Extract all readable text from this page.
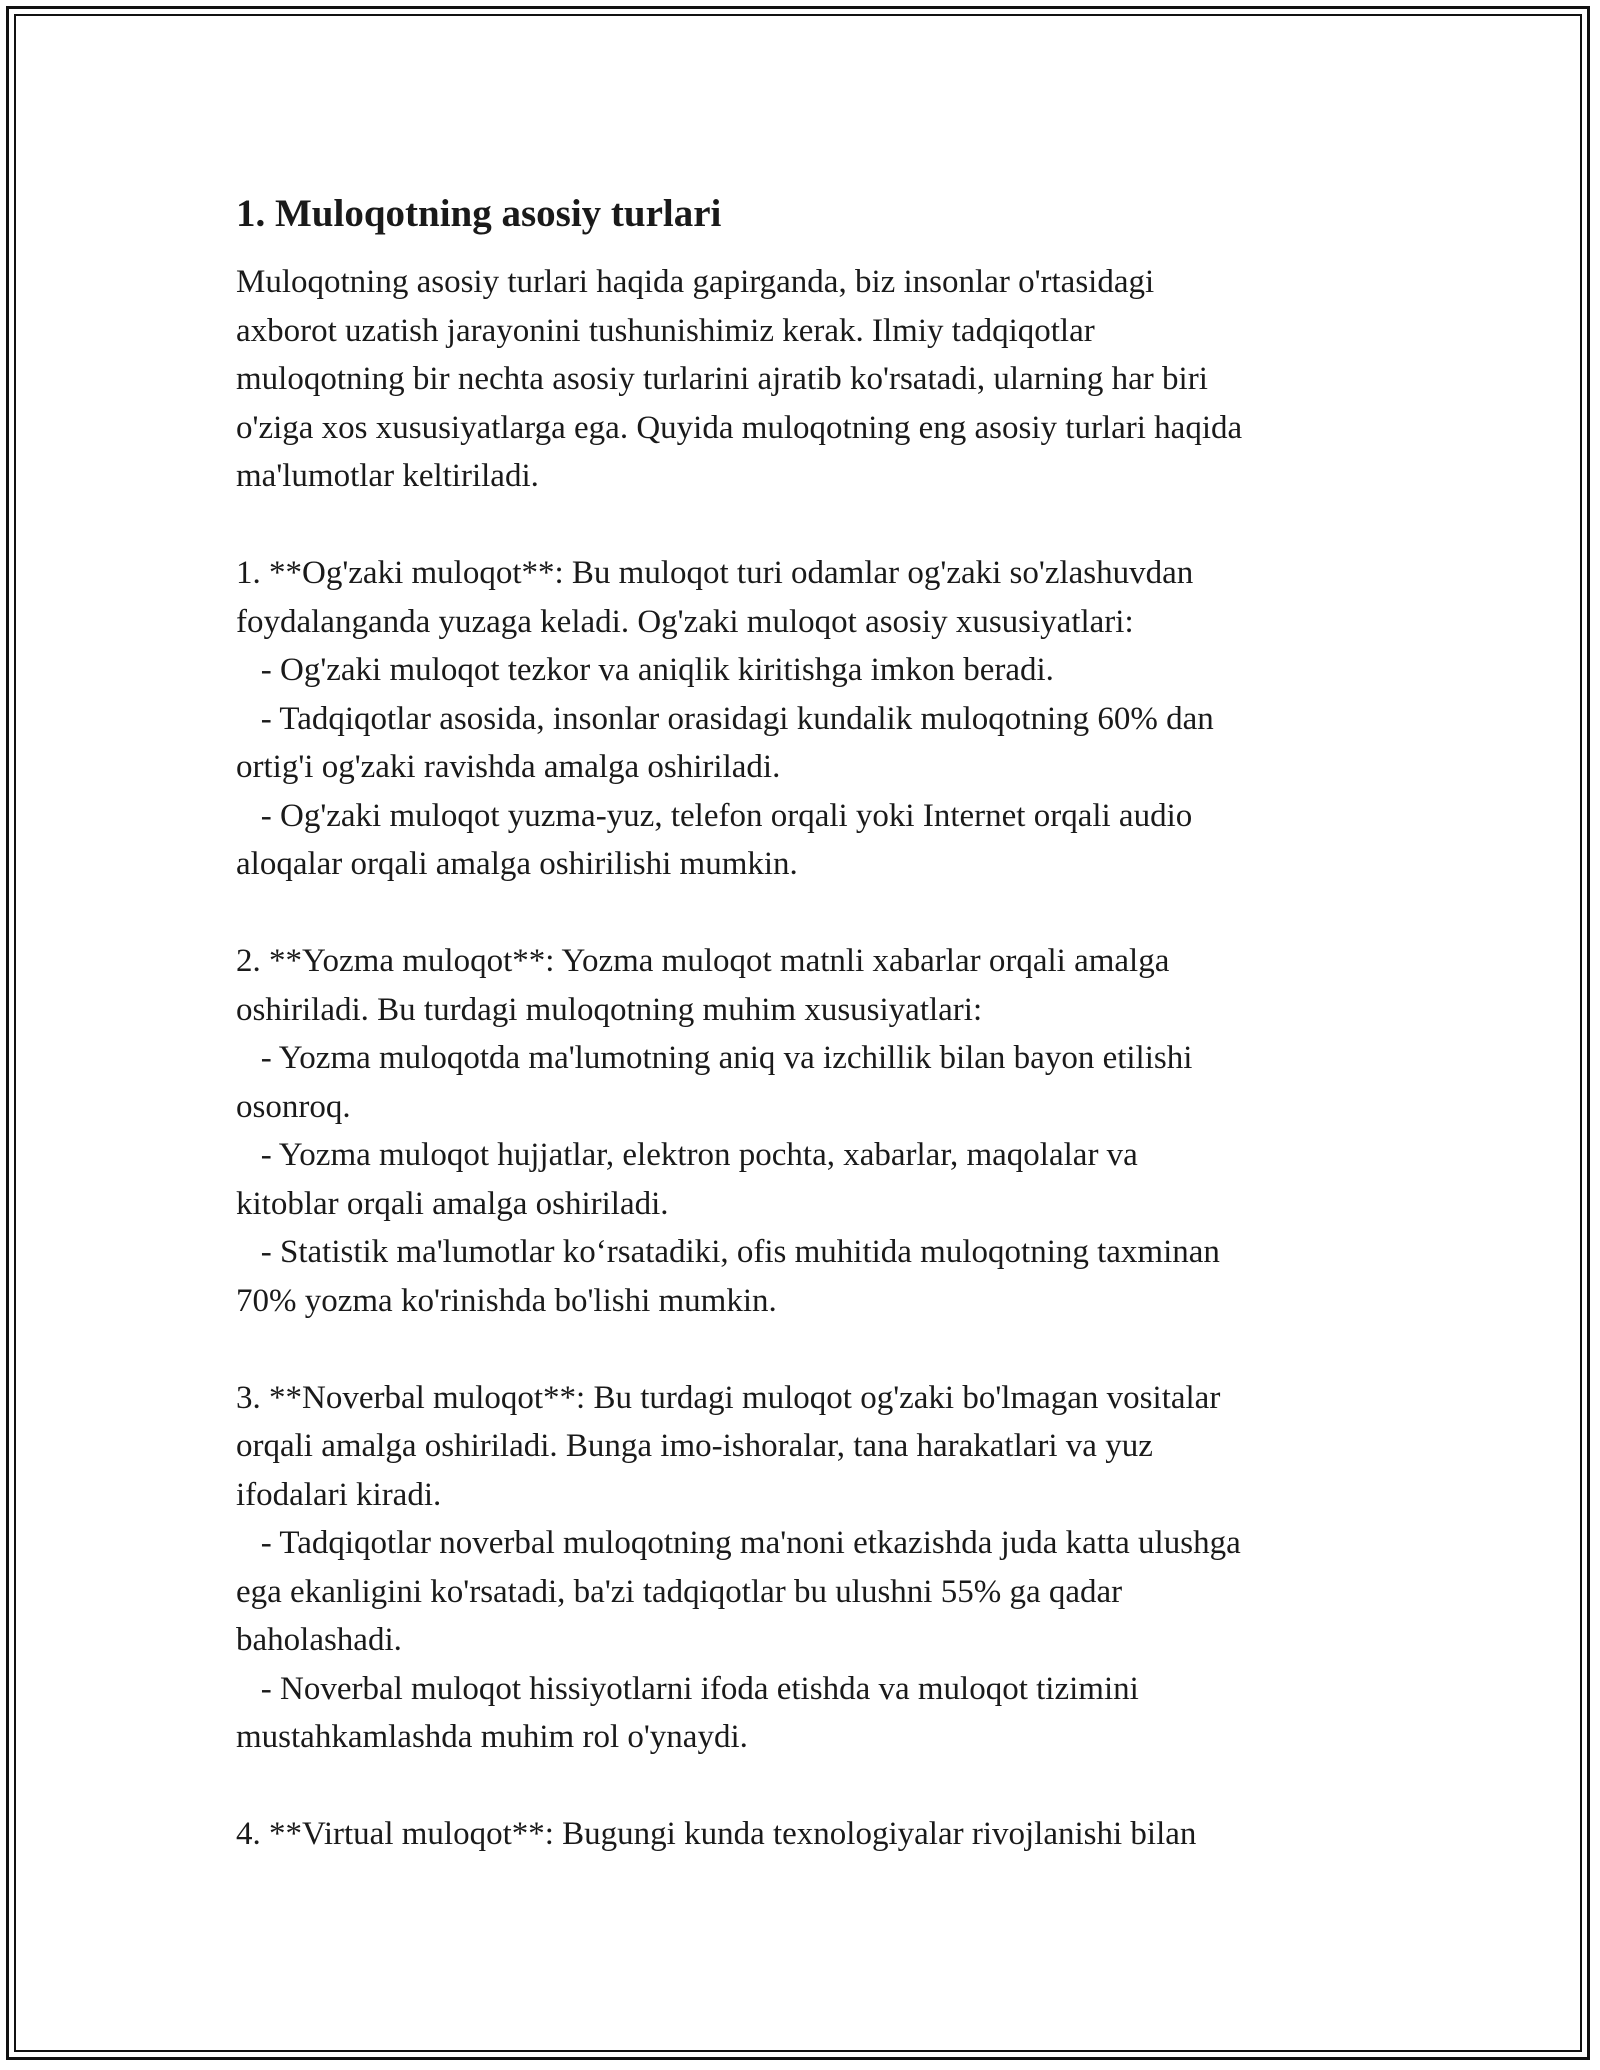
1. Muloqotning asosiy turlari
Muloqotning asosiy turlari haqida gapirganda, biz insonlar o'rtasidagi
axborot uzatish jarayonini tushunishimiz kerak. Ilmiy tadqiqotlar
muloqotning bir nechta asosiy turlarini ajratib ko'rsatadi, ularning har biri
o'ziga xos xususiyatlarga ega. Quyida muloqotning eng asosiy turlari haqida
ma'lumotlar keltiriladi.
1. **Og'zaki muloqot**: Bu muloqot turi odamlar og'zaki so'zlashuvdan
foydalanganda yuzaga keladi. Og'zaki muloqot asosiy xususiyatlari:
- Og'zaki muloqot tezkor va aniqlik kiritishga imkon beradi.
- Tadqiqotlar asosida, insonlar orasidagi kundalik muloqotning 60% dan
ortig'i og'zaki ravishda amalga oshiriladi.
- Og'zaki muloqot yuzma-yuz, telefon orqali yoki Internet orqali audio
aloqalar orqali amalga oshirilishi mumkin.
2. **Yozma muloqot**: Yozma muloqot matnli xabarlar orqali amalga
oshiriladi. Bu turdagi muloqotning muhim xususiyatlari:
- Yozma muloqotda ma'lumotning aniq va izchillik bilan bayon etilishi
osonroq.
- Yozma muloqot hujjatlar, elektron pochta, xabarlar, maqolalar va
kitoblar orqali amalga oshiriladi.
- Statistik ma'lumotlar ko‘rsatadiki, ofis muhitida muloqotning taxminan
70% yozma ko'rinishda bo'lishi mumkin.
3. **Noverbal muloqot**: Bu turdagi muloqot og'zaki bo'lmagan vositalar
orqali amalga oshiriladi. Bunga imo-ishoralar, tana harakatlari va yuz
ifodalari kiradi.
- Tadqiqotlar noverbal muloqotning ma'noni etkazishda juda katta ulushga
ega ekanligini ko'rsatadi, ba'zi tadqiqotlar bu ulushni 55% ga qadar
baholashadi.
- Noverbal muloqot hissiyotlarni ifoda etishda va muloqot tizimini
mustahkamlashda muhim rol o'ynaydi.
4. **Virtual muloqot**: Bugungi kunda texnologiyalar rivojlanishi bilan
